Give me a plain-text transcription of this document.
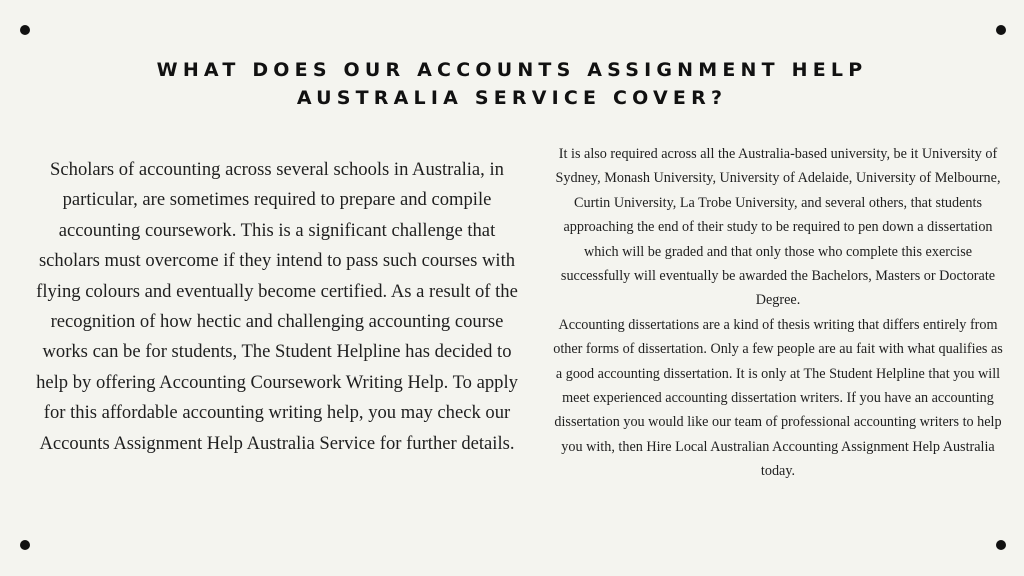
WHAT DOES OUR ACCOUNTS ASSIGNMENT HELP
AUSTRALIA SERVICE COVER?
Scholars of accounting across several schools in Australia, in particular, are sometimes required to prepare and compile accounting coursework. This is a significant challenge that scholars must overcome if they intend to pass such courses with flying colours and eventually become certified. As a result of the recognition of how hectic and challenging accounting course works can be for students, The Student Helpline has decided to help by offering Accounting Coursework Writing Help. To apply for this affordable accounting writing help, you may check our Accounts Assignment Help Australia Service for further details.

It is also required across all the Australia-based university, be it University of Sydney, Monash University, University of Adelaide, University of Melbourne, Curtin University, La Trobe University, and several others, that students approaching the end of their study to be required to pen down a dissertation which will be graded and that only those who complete this exercise successfully will eventually be awarded the Bachelors, Masters or Doctorate Degree.

Accounting dissertations are a kind of thesis writing that differs entirely from other forms of dissertation. Only a few people are au fait with what qualifies as a good accounting dissertation. It is only at The Student Helpline that you will meet experienced accounting dissertation writers. If you have an accounting dissertation you would like our team of professional accounting writers to help you with, then Hire Local Australian Accounting Assignment Help Australia today.
